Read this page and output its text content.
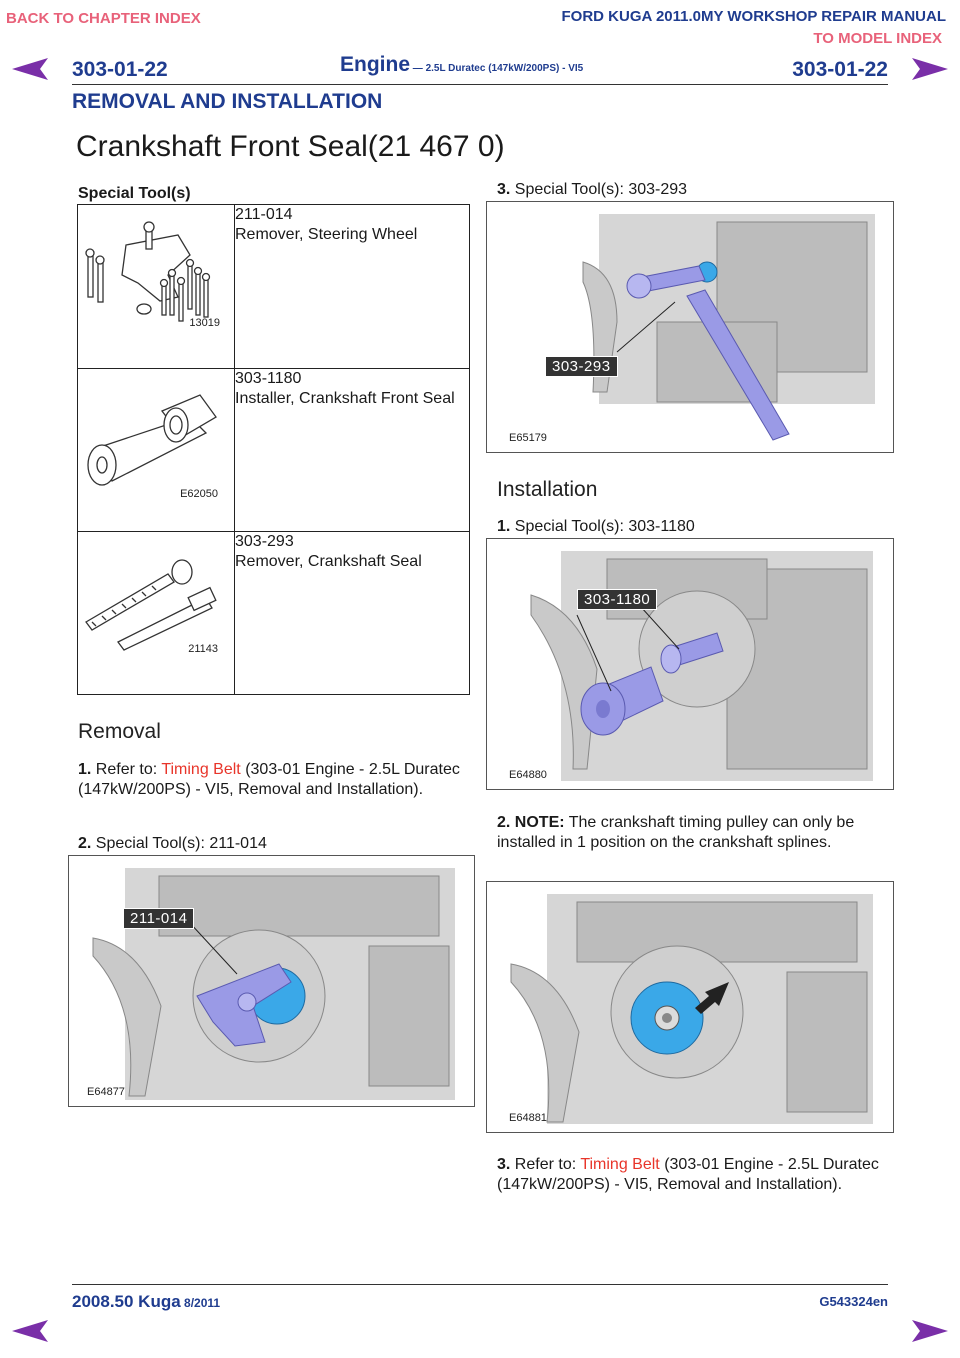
BACK TO CHAPTER INDEX	FORD KUGA 2011.0MY WORKSHOP REPAIR MANUAL
TO MODEL INDEX
303-01-22	Engine — 2.5L Duratec (147kW/200PS) - VI5	303-01-22
REMOVAL AND INSTALLATION
Crankshaft Front Seal(21 467 0)
Special Tool(s)
13019	211-014
Remover, Steering Wheel

E62050	303-1180
Installer, Crankshaft Front Seal

21143	303-293
Remover, Crankshaft Seal
Removal
1. Refer to: Timing Belt (303-01 Engine - 2.5L Duratec (147kW/200PS) - VI5, Removal and Installation).
2. Special Tool(s): 211-014
211-014
E64877
3. Special Tool(s): 303-293
303-293
E65179
Installation
1. Special Tool(s): 303-1180
303-1180
E64880
2. NOTE: The crankshaft timing pulley can only be installed in 1 position on the crankshaft splines.
E64881
3. Refer to: Timing Belt (303-01 Engine - 2.5L Duratec (147kW/200PS) - VI5, Removal and Installation).
2008.50 Kuga 8/2011	G543324en
